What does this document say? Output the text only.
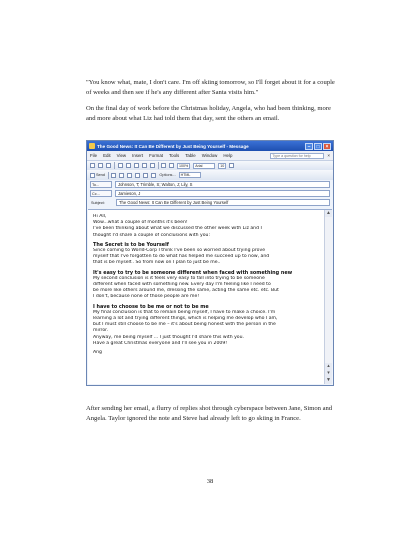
"You know what, mate, I don't care. I'm off skiing tomorrow, so I'll forget about it for a couple of weeks and then see if he's any different after Santa visits him."

On the final day of work before the Christmas holiday, Angela, who had been thinking, more and more about what Liz had told them that day, sent the others an email.

The Good News: It Can Be Different by Just Being Yourself - Message	–	□	×
File Edit View Insert Format Tools Table Window Help
Type a question for help	×
100%	Arial	10
Send	Options...	HTML
To...	Johnson, T; Trimble, S; Walton, J; Lily, S
Cc...	Jamieson, J
Subject:	The Good News: It Can Be Different by Just Being Yourself
Hi All,
Wow...what a couple of months it's been!
I've been thinking about what we discussed the other week with Liz and I
thought I'd share a couple of conclusions with you:
The Secret is to be Yourself
Since coming to World-Corp I think I've been so worried about trying prove
myself that I've forgotten to do what has helped me succeed up to now, and
that is be myself.. So from now on I plan to just be me..
It's easy to try to be someone different when faced with something new
My second conclusion is it feels very easy to fall into trying to be someone
different when faced with something new. Every day I'm feeling like I need to
be more like others around me, dressing the same, acting the same etc. etc. But
I don't, because none of those people are me!
I have to choose to be me or not to be me
My final conclusion is that to remain being myself, I have to make a choice. I'm
learning a lot and trying different things, which is helping me develop who I am,
but I must still choose to be me – it's about being honest with the person in the
mirror.
Anyway, me being myself ... I just thought I'd share this with you.
Have a great Christmas everyone and I'll see you in 2009!
Ang
▲
▴
▾
▼

After sending her email, a flurry of replies shot through cyberspace between Jane, Simon and Angela. Taylor ignored the note and Steve had already left to go skiing in France.

38
